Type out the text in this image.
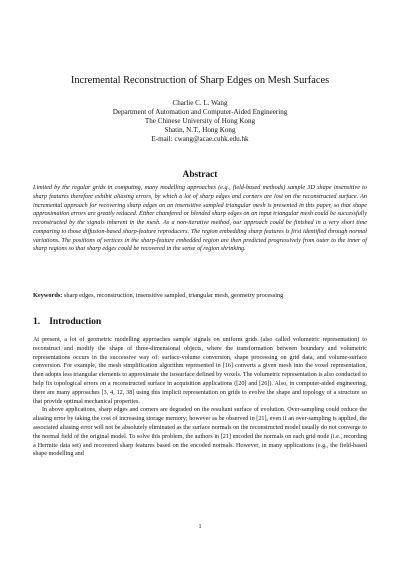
Incremental Reconstruction of Sharp Edges on Mesh Surfaces
Charlie C. L. Wang
Department of Automation and Computer-Aided Engineering
The Chinese University of Hong Kong
Shatin, N.T., Hong Kong
E-mail: cwang@acae.cuhk.edu.hk
Abstract
Limited by the regular grids in computing, many modelling approaches (e.g., field-based methods) sample 3D shape insensitive to sharp features therefore exhibit aliasing errors, by which a lot of sharp edges and corners are lost on the reconstructed surface. An incremental approach for recovering sharp edges on an insensitive sampled triangular mesh is presented in this paper, so that shape approximation errors are greatly reduced. Either chamfered or blended sharp edges on an input triangular mesh could be successfully reconstructed by the signals inherent in the mesh. As a non-iterative method, our approach could be finished in a very short time comparing to those diffusion-based sharp-feature reproducers. The region embedding sharp features is first identified through normal variations. The positions of vertices in the sharp-feature embedded region are then predicted progressively from outer to the inner of sharp regions so that sharp edges could be recovered in the sense of region shrinking.
Keywords: sharp edges, reconstruction, insensitive sampled, triangular mesh, geometry processing
1. Introduction

At present, a lot of geometric modelling approaches sample signals on uniform grids (also called volumetric representation) to reconstruct and modify the shape of three-dimensional objects, where the transformation between boundary and volumetric representations occurs in the successive way of: surface-volume conversion, shape processing on grid data, and volume-surface conversion. For example, the mesh simplification algorithm represented in [16] converts a given mesh into the voxel representation, then adopts less triangular elements to approximate the isosurface defined by voxels. The volumetric representation is also conducted to help fix topological errors on a reconstructed surface in acquisition applications ([20] and [26]). Also, in computer-aided engineering, there are many approaches [3, 4, 12, 38] using this implicit representation on grids to evolve the shape and topology of a structure so that provide optimal mechanical properties.

In above applications, sharp edges and corners are degraded on the resultant surface of evolution. Over-sampling could reduce the aliasing error by taking the cost of increasing storage memory; however as be observed in [21], even if an over-sampling is applied, the associated aliasing error will not be absolutely eliminated as the surface normals on the reconstructed model usually do not converge to the normal field of the original model. To solve this problem, the authors in [21] encoded the normals on each grid node (i.e., recording a Hermite data set) and recovered sharp features based on the encoded normals. However, in many applications (e.g., the field-based shape modelling and

1
